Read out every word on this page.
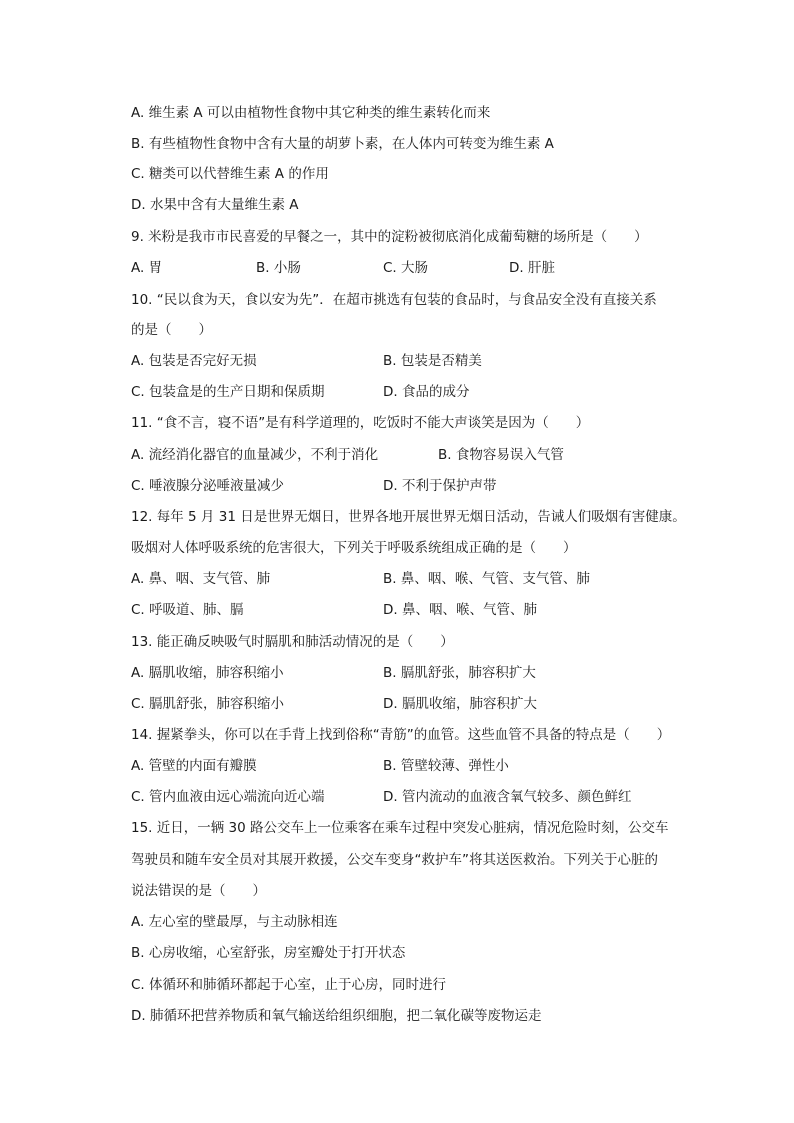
A. 维生素 A 可以由植物性食物中其它种类的维生素转化而来
B. 有些植物性食物中含有大量的胡萝卜素，在人体内可转变为维生素 A
C. 糖类可以代替维生素 A 的作用
D. 水果中含有大量维生素 A
9. 米粉是我市市民喜爱的早餐之一，其中的淀粉被彻底消化成葡萄糖的场所是（　　）
A. 胃	B. 小肠	C. 大肠	D. 肝脏
10. “民以食为天，食以安为先”．在超市挑选有包装的食品时，与食品安全没有直接关系
的是（　　）
A. 包装是否完好无损	B. 包装是否精美
C. 包装盒是的生产日期和保质期	D. 食品的成分
11. “食不言，寝不语”是有科学道理的，吃饭时不能大声谈笑是因为（　　）
A. 流经消化器官的血量减少，不利于消化	B. 食物容易误入气管
C. 唾液腺分泌唾液量减少	D. 不利于保护声带
12. 每年 5 月 31 日是世界无烟日，世界各地开展世界无烟日活动，告诫人们吸烟有害健康。
吸烟对人体呼吸系统的危害很大，下列关于呼吸系统组成正确的是（　　）
A. 鼻、咽、支气管、肺	B. 鼻、咽、喉、气管、支气管、肺
C. 呼吸道、肺、膈	D. 鼻、咽、喉、气管、肺
13. 能正确反映吸气时膈肌和肺活动情况的是（　　）
A. 膈肌收缩，肺容积缩小	B. 膈肌舒张，肺容积扩大
C. 膈肌舒张，肺容积缩小	D. 膈肌收缩，肺容积扩大
14. 握紧拳头，你可以在手背上找到俗称“青筋”的血管。这些血管不具备的特点是（　　）
A. 管壁的内面有瓣膜	B. 管壁较薄、弹性小
C. 管内血液由远心端流向近心端	D. 管内流动的血液含氧气较多、颜色鲜红
15. 近日，一辆 30 路公交车上一位乘客在乘车过程中突发心脏病，情况危险时刻，公交车
驾驶员和随车安全员对其展开救援，公交车变身“救护车”将其送医救治。下列关于心脏的
说法错误的是（　　）
A. 左心室的壁最厚，与主动脉相连
B. 心房收缩，心室舒张，房室瓣处于打开状态
C. 体循环和肺循环都起于心室，止于心房，同时进行
D. 肺循环把营养物质和氧气输送给组织细胞，把二氧化碳等废物运走
